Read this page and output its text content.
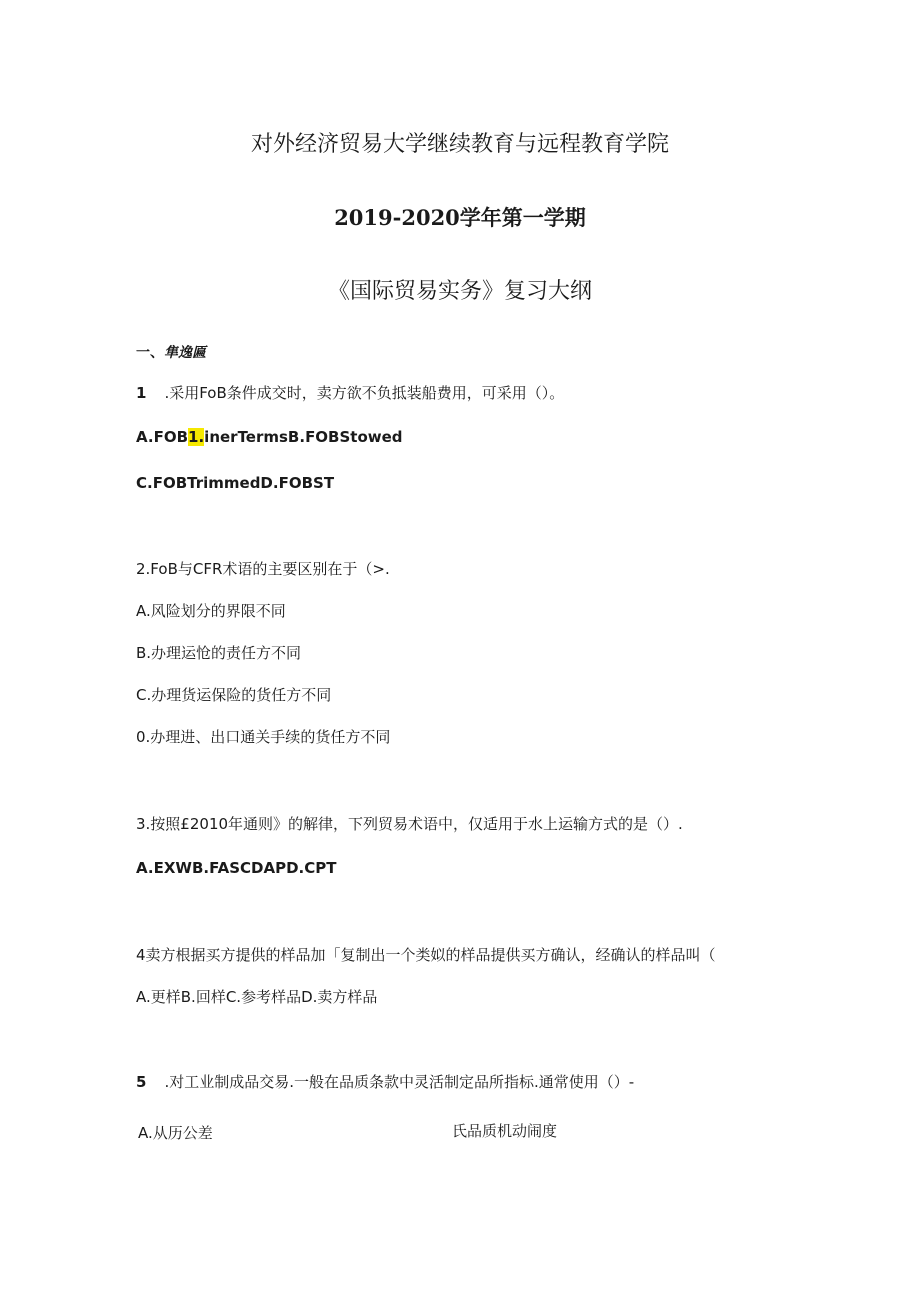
对外经济贸易大学继续教育与远程教育学院
2019-2020学年第一学期
《国际贸易实务》复习大纲
一、隼逸匾
1 .采用FoB条件成交时，卖方欲不负抵装船费用，可采用（）。
A.FOB1.inerTermsB.FOBStowed
C.FOBTrimmedD.FOBST
2.FoB与CFR术语的主要区别在于（>.
A.风险划分的界限不同
B.办理运怆的责任方不同
C.办理货运保险的货任方不同
0.办理进、出口通关手续的货任方不同
3.按照£2010年通则》的解律，下列贸易术语中，仅适用于水上运输方式的是（）.
A.EXWB.FASCDAPD.CPT
4卖方根据买方提供的样品加「复制出一个类姒的样品提供买方确认，经确认的样品叫（
A.更样B.回样C.参考样品D.卖方样品
5 .对工业制成品交易.一般在品质条款中灵活制定品所指标.通常使用（）-
A.从历公差	氏品质机动闹度
